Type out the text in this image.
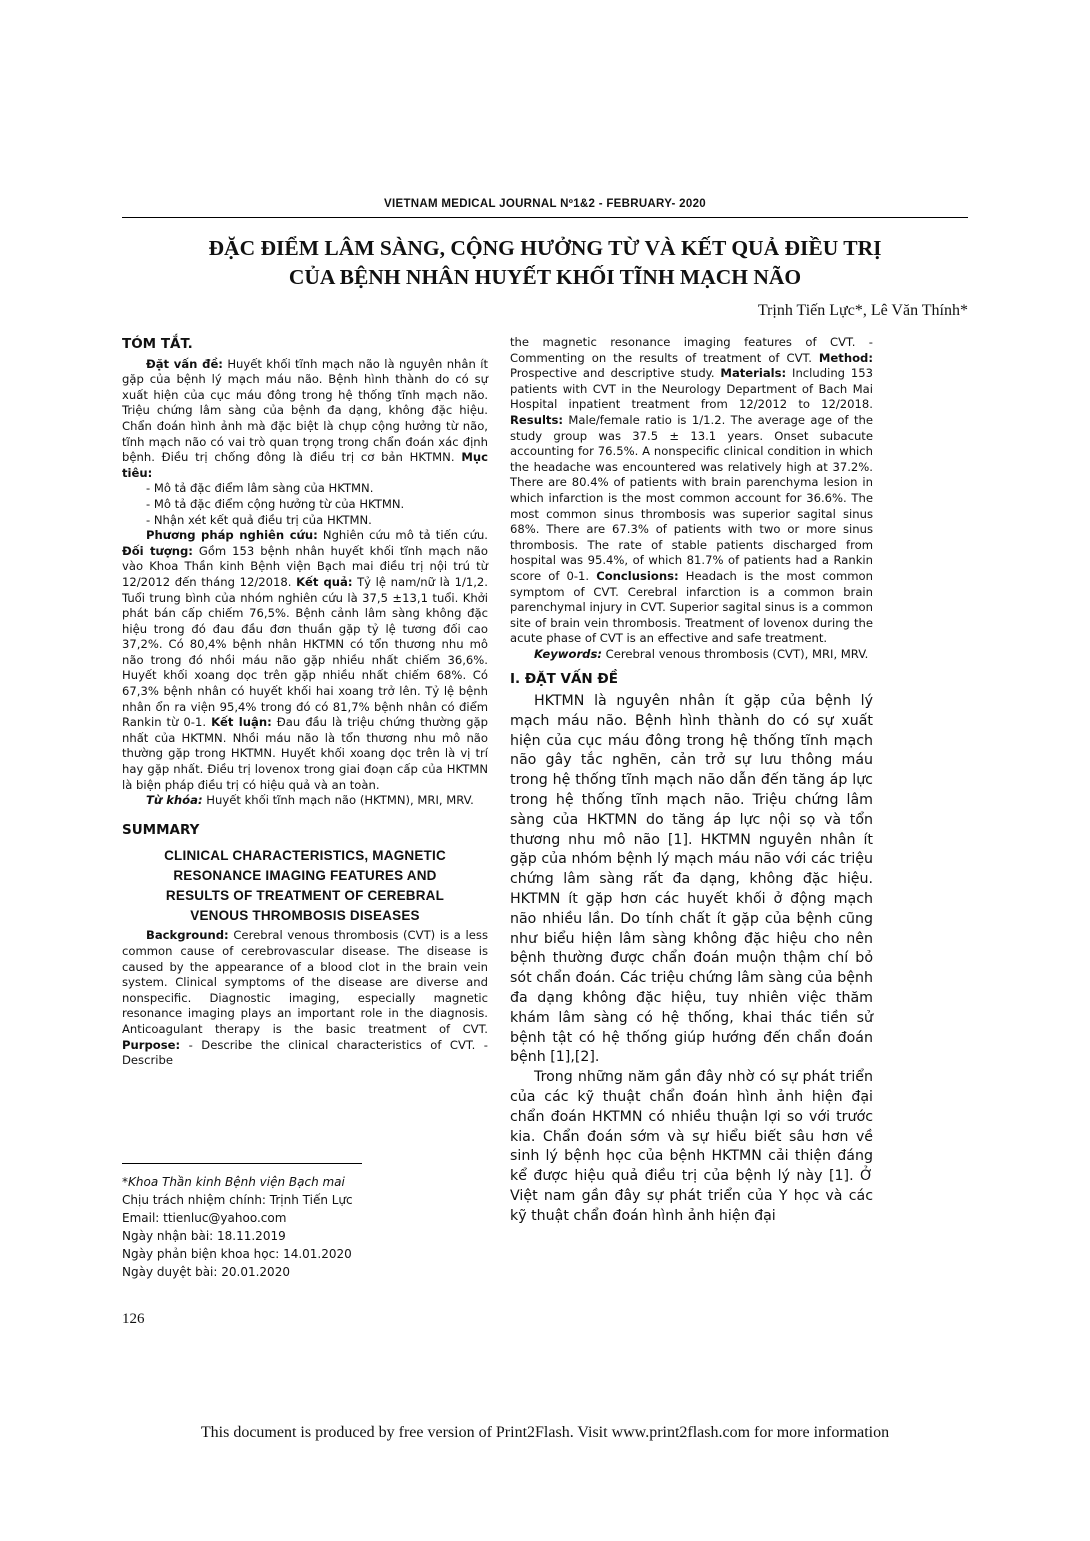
VIETNAM MEDICAL JOURNAL Nº1&2 - FEBRUARY- 2020
ĐẶC ĐIỂM LÂM SÀNG, CỘNG HƯỞNG TỪ VÀ KẾT QUẢ ĐIỀU TRỊ
CỦA BỆNH NHÂN HUYẾT KHỐI TĨNH MẠCH NÃO
Trịnh Tiến Lực*, Lê Văn Thính*
TÓM TẮT.

Đặt vấn đề: Huyết khối tĩnh mạch não là nguyên nhân ít gặp của bệnh lý mạch máu não. Bệnh hình thành do có sự xuất hiện của cục máu đông trong hệ thống tĩnh mạch não. Triệu chứng lâm sàng của bệnh đa dạng, không đặc hiệu. Chẩn đoán hình ảnh mà đặc biệt là chụp cộng hưởng từ não, tĩnh mạch não có vai trò quan trọng trong chẩn đoán xác định bệnh. Điều trị chống đông là điều trị cơ bản HKTMN. Mục tiêu:

- Mô tả đặc điểm lâm sàng của HKTMN.

- Mô tả đặc điểm cộng hưởng từ của HKTMN.

- Nhận xét kết quả điều trị của HKTMN.

Phương pháp nghiên cứu: Nghiên cứu mô tả tiến cứu. Đối tượng: Gồm 153 bệnh nhân huyết khối tĩnh mạch não vào Khoa Thần kinh Bệnh viện Bạch mai điều trị nội trú từ 12/2012 đến tháng 12/2018. Kết quả: Tỷ lệ nam/nữ là 1/1,2. Tuổi trung bình của nhóm nghiên cứu là 37,5 ±13,1 tuổi. Khởi phát bán cấp chiếm 76,5%. Bệnh cảnh lâm sàng không đặc hiệu trong đó đau đầu đơn thuần gặp tỷ lệ tương đối cao 37,2%. Có 80,4% bệnh nhân HKTMN có tổn thương nhu mô não trong đó nhồi máu não gặp nhiều nhất chiếm 36,6%. Huyết khối xoang dọc trên gặp nhiều nhất chiếm 68%. Có 67,3% bệnh nhân có huyết khối hai xoang trở lên. Tỷ lệ bệnh nhân ổn ra viện 95,4% trong đó có 81,7% bệnh nhân có điểm Rankin từ 0-1. Kết luận: Đau đầu là triệu chứng thường gặp nhất của HKTMN. Nhồi máu não là tổn thương nhu mô não thường gặp trong HKTMN. Huyết khối xoang dọc trên là vị trí hay gặp nhất. Điều trị lovenox trong giai đoạn cấp của HKTMN là biện pháp điều trị có hiệu quả và an toàn.

Từ khóa: Huyết khối tĩnh mạch não (HKTMN), MRI, MRV.

SUMMARY
CLINICAL CHARACTERISTICS, MAGNETIC
RESONANCE IMAGING FEATURES AND
RESULTS OF TREATMENT OF CEREBRAL
VENOUS THROMBOSIS DISEASES

Background: Cerebral venous thrombosis (CVT) is a less common cause of cerebrovascular disease. The disease is caused by the appearance of a blood clot in the brain vein system. Clinical symptoms of the disease are diverse and nonspecific. Diagnostic imaging, especially magnetic resonance imaging plays an important role in the diagnosis. Anticoagulant therapy is the basic treatment of CVT. Purpose: - Describe the clinical characteristics of CVT. - Describe

the magnetic resonance imaging features of CVT. - Commenting on the results of treatment of CVT. Method: Prospective and descriptive study. Materials: Including 153 patients with CVT in the Neurology Department of Bach Mai Hospital inpatient treatment from 12/2012 to 12/2018. Results: Male/female ratio is 1/1.2. The average age of the study group was 37.5 ± 13.1 years. Onset subacute accounting for 76.5%. A nonspecific clinical condition in which the headache was encountered was relatively high at 37.2%. There are 80.4% of patients with brain parenchyma lesion in which infarction is the most common account for 36.6%. The most common sinus thrombosis was superior sagital sinus 68%. There are 67.3% of patients with two or more sinus thrombosis. The rate of stable patients discharged from hospital was 95.4%, of which 81.7% of patients had a Rankin score of 0-1. Conclusions: Headach is the most common symptom of CVT. Cerebral infarction is a common brain parenchymal injury in CVT. Superior sagital sinus is a common site of brain vein thrombosis. Treatment of lovenox during the acute phase of CVT is an effective and safe treatment.

Keywords: Cerebral venous thrombosis (CVT), MRI, MRV.

I. ĐẶT VẤN ĐỀ

HKTMN là nguyên nhân ít gặp của bệnh lý mạch máu não. Bệnh hình thành do có sự xuất hiện của cục máu đông trong hệ thống tĩnh mạch não gây tắc nghẽn, cản trở sự lưu thông máu trong hệ thống tĩnh mạch não dẫn đến tăng áp lực trong hệ thống tĩnh mạch não. Triệu chứng lâm sàng của HKTMN do tăng áp lực nội sọ và tổn thương nhu mô não [1]. HKTMN nguyên nhân ít gặp của nhóm bệnh lý mạch máu não với các triệu chứng lâm sàng rất đa dạng, không đặc hiệu. HKTMN ít gặp hơn các huyết khối ở động mạch não nhiều lần. Do tính chất ít gặp của bệnh cũng như biểu hiện lâm sàng không đặc hiệu cho nên bệnh thường được chẩn đoán muộn thậm chí bỏ sót chẩn đoán. Các triệu chứng lâm sàng của bệnh đa dạng không đặc hiệu, tuy nhiên việc thăm khám lâm sàng có hệ thống, khai thác tiền sử bệnh tật có hệ thống giúp hướng đến chẩn đoán bệnh [1],[2].

Trong những năm gần đây nhờ có sự phát triển của các kỹ thuật chẩn đoán hình ảnh hiện đại chẩn đoán HKTMN có nhiều thuận lợi so với trước kia. Chẩn đoán sớm và sự hiểu biết sâu hơn về sinh lý bệnh học của bệnh HKTMN cải thiện đáng kể được hiệu quả điều trị của bệnh lý này [1]. Ở Việt nam gần đây sự phát triển của Y học và các kỹ thuật chẩn đoán hình ảnh hiện đại

*Khoa Thần kinh Bệnh viện Bạch mai
Chịu trách nhiệm chính: Trịnh Tiến Lực
Email: ttienluc@yahoo.com
Ngày nhận bài: 18.11.2019
Ngày phản biện khoa học: 14.01.2020
Ngày duyệt bài: 20.01.2020
126
This document is produced by free version of Print2Flash. Visit www.print2flash.com for more information
